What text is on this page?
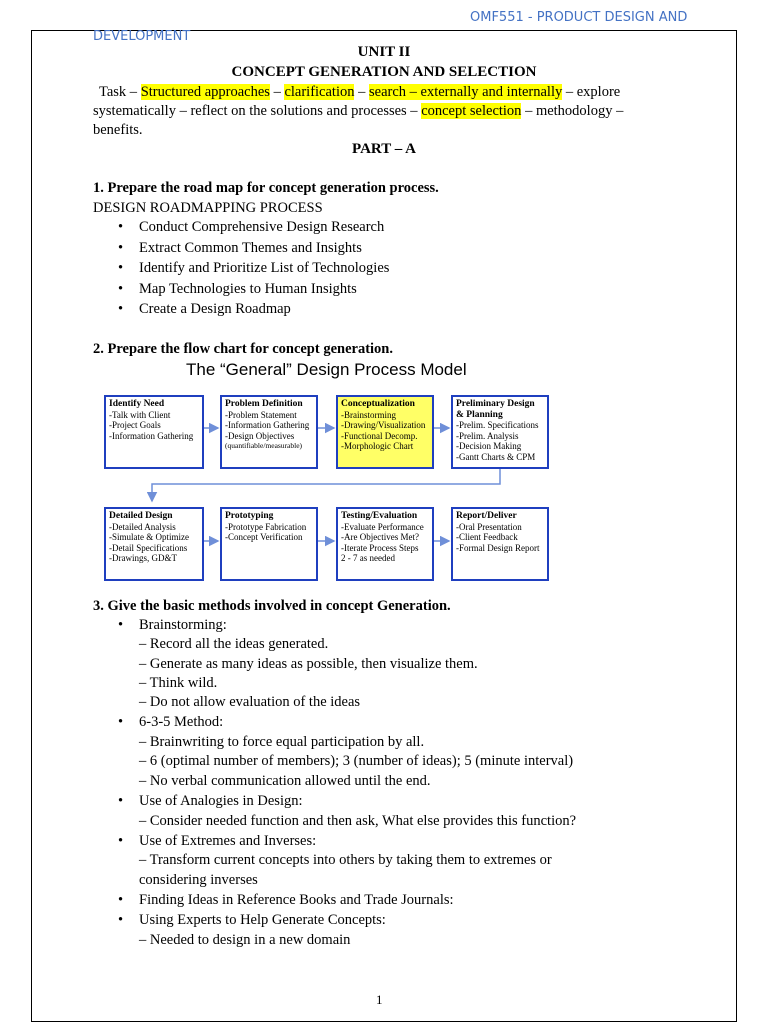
OMF551 - PRODUCT DESIGN AND
DEVELOPMENT
UNIT II
CONCEPT GENERATION AND SELECTION
Task – Structured approaches – clarification – search – externally and internally – explore
systematically – reflect on the solutions and processes – concept selection – methodology –
benefits.
PART – A
1. Prepare the road map for concept generation process.
DESIGN ROADMAPPING PROCESS
• Conduct Comprehensive Design Research
• Extract Common Themes and Insights
• Identify and Prioritize List of Technologies
• Map Technologies to Human Insights
• Create a Design Roadmap
2. Prepare the flow chart for concept generation.
The “General” Design Process Model
Identify Need
-Talk with Client
-Project Goals
-Information Gathering
Problem Definition
-Problem Statement
-Information Gathering
-Design Objectives
(quantifiable/measurable)
Conceptualization
-Brainstorming
-Drawing/Visualization
-Functional Decomp.
-Morphologic Chart
Preliminary Design & Planning
-Prelim. Specifications
-Prelim. Analysis
-Decision Making
-Gantt Charts & CPM
Detailed Design
-Detailed Analysis
-Simulate & Optimize
-Detail Specifications
-Drawings, GD&T
Prototyping
-Prototype Fabrication
-Concept Verification
Testing/Evaluation
-Evaluate Performance
-Are Objectives Met?
-Iterate Process Steps
2 - 7 as needed
Report/Deliver
-Oral Presentation
-Client Feedback
-Formal Design Report
3. Give the basic methods involved in concept Generation.
• Brainstorming:
– Record all the ideas generated.
– Generate as many ideas as possible, then visualize them.
– Think wild.
– Do not allow evaluation of the ideas
• 6-3-5 Method:
– Brainwriting to force equal participation by all.
– 6 (optimal number of members); 3 (number of ideas); 5 (minute interval)
– No verbal communication allowed until the end.
• Use of Analogies in Design:
– Consider needed function and then ask, What else provides this function?
• Use of Extremes and Inverses:
– Transform current concepts into others by taking them to extremes or
considering inverses
• Finding Ideas in Reference Books and Trade Journals:
• Using Experts to Help Generate Concepts:
– Needed to design in a new domain
1
